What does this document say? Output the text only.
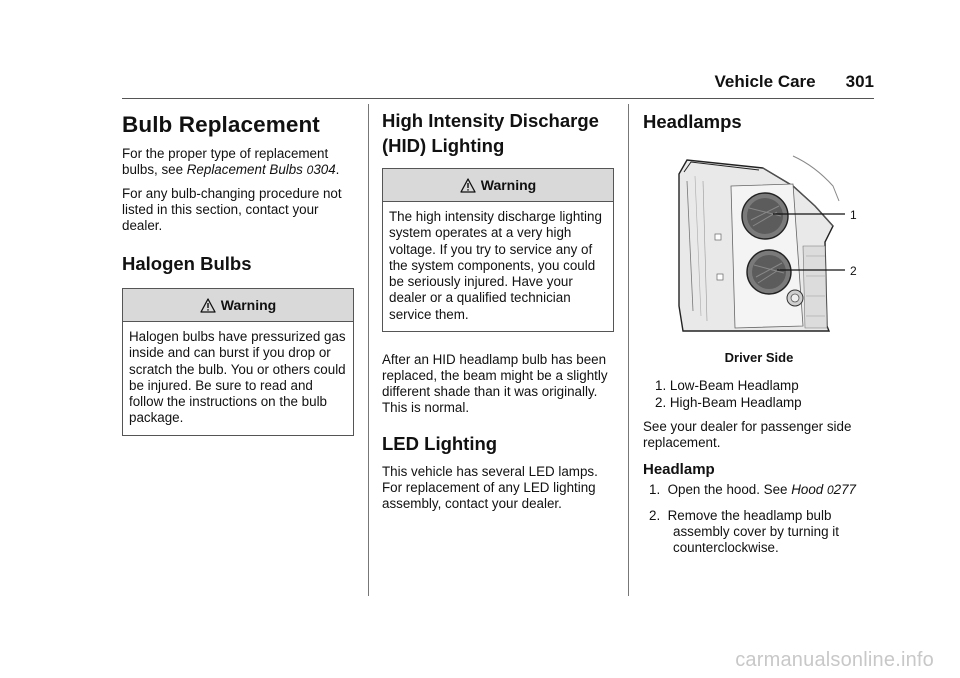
Vehicle Care 301
Bulb Replacement

For the proper type of replacement bulbs, see Replacement Bulbs 0304.

For any bulb-changing procedure not listed in this section, contact your dealer.

Halogen Bulbs
Warning
Halogen bulbs have pressurized gas inside and can burst if you drop or scratch the bulb. You or others could be injured. Be sure to read and follow the instructions on the bulb package.
High Intensity Discharge (HID) Lighting
Warning
The high intensity discharge lighting system operates at a very high voltage. If you try to service any of the system components, you could be seriously injured. Have your dealer or a qualified technician service them.

After an HID headlamp bulb has been replaced, the beam might be a slightly different shade than it was originally. This is normal.

LED Lighting

This vehicle has several LED lamps. For replacement of any LED lighting assembly, contact your dealer.

Headlamps
1
2
Driver Side
1. Low-Beam Headlamp
2. High-Beam Headlamp

See your dealer for passenger side replacement.

Headlamp
1. Open the hood. See Hood 0277
2. Remove the headlamp bulb assembly cover by turning it counterclockwise.
carmanualsonline.info
